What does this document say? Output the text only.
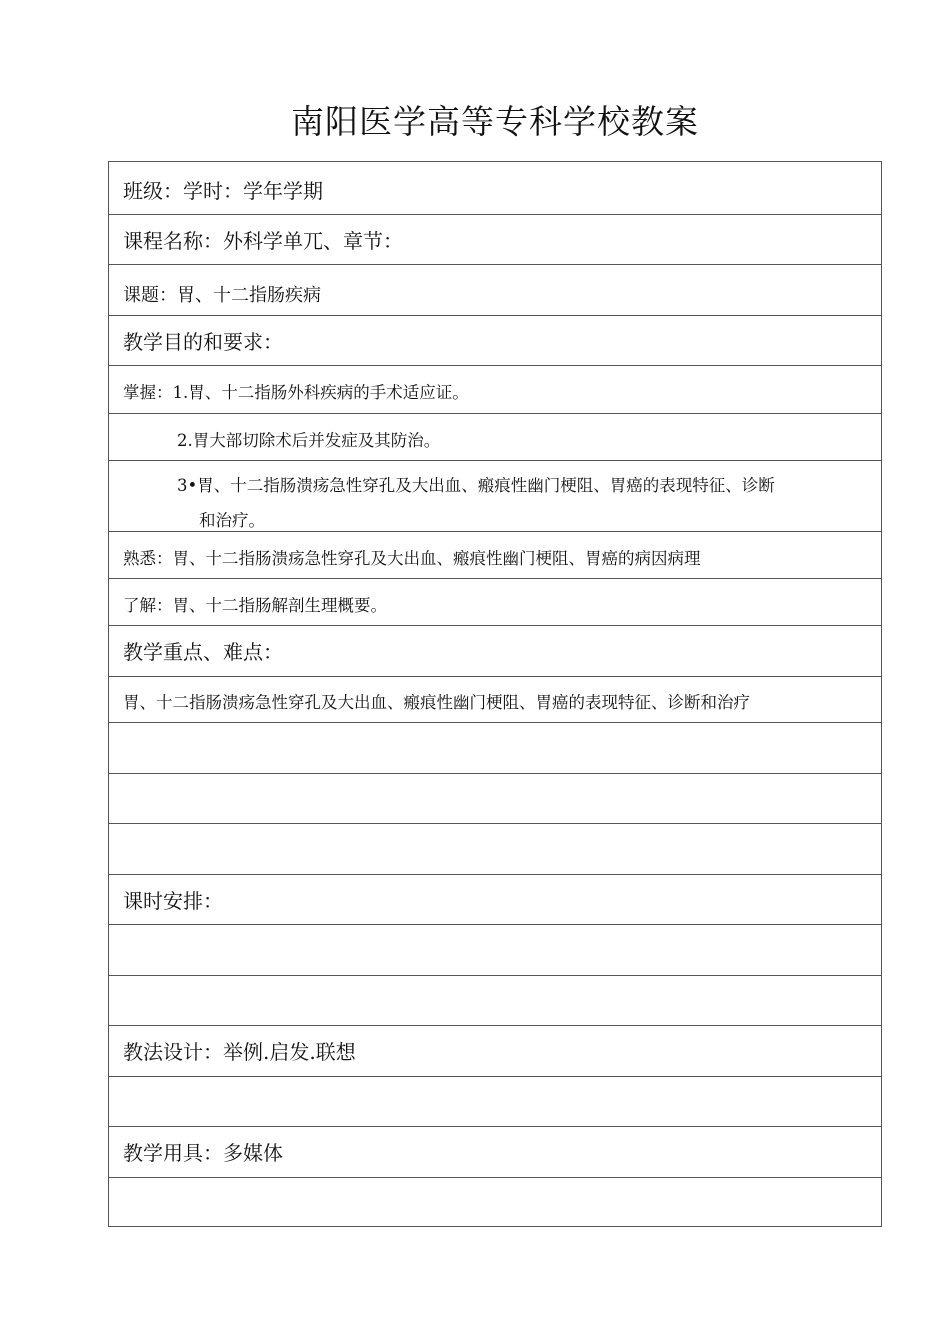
南阳医学高等专科学校教案
班级：学时：学年学期
课程名称：外科学单兀、章节：
课题：胃、十二指肠疾病
教学目的和要求：
掌握：1.胃、十二指肠外科疾病的手术适应证。
2.胃大部切除术后并发症及其防治。
3•胃、十二指肠溃疡急性穿孔及大出血、瘢痕性幽门梗阻、胃癌的表现特征、诊断
和治疗。
熟悉：胃、十二指肠溃疡急性穿孔及大出血、瘢痕性幽门梗阻、胃癌的病因病理
了解：胃、十二指肠解剖生理概要。
教学重点、难点：
胃、十二指肠溃疡急性穿孔及大出血、瘢痕性幽门梗阻、胃癌的表现特征、诊断和治疗
课时安排：
教法设计：举例.启发.联想
教学用具：多媒体
